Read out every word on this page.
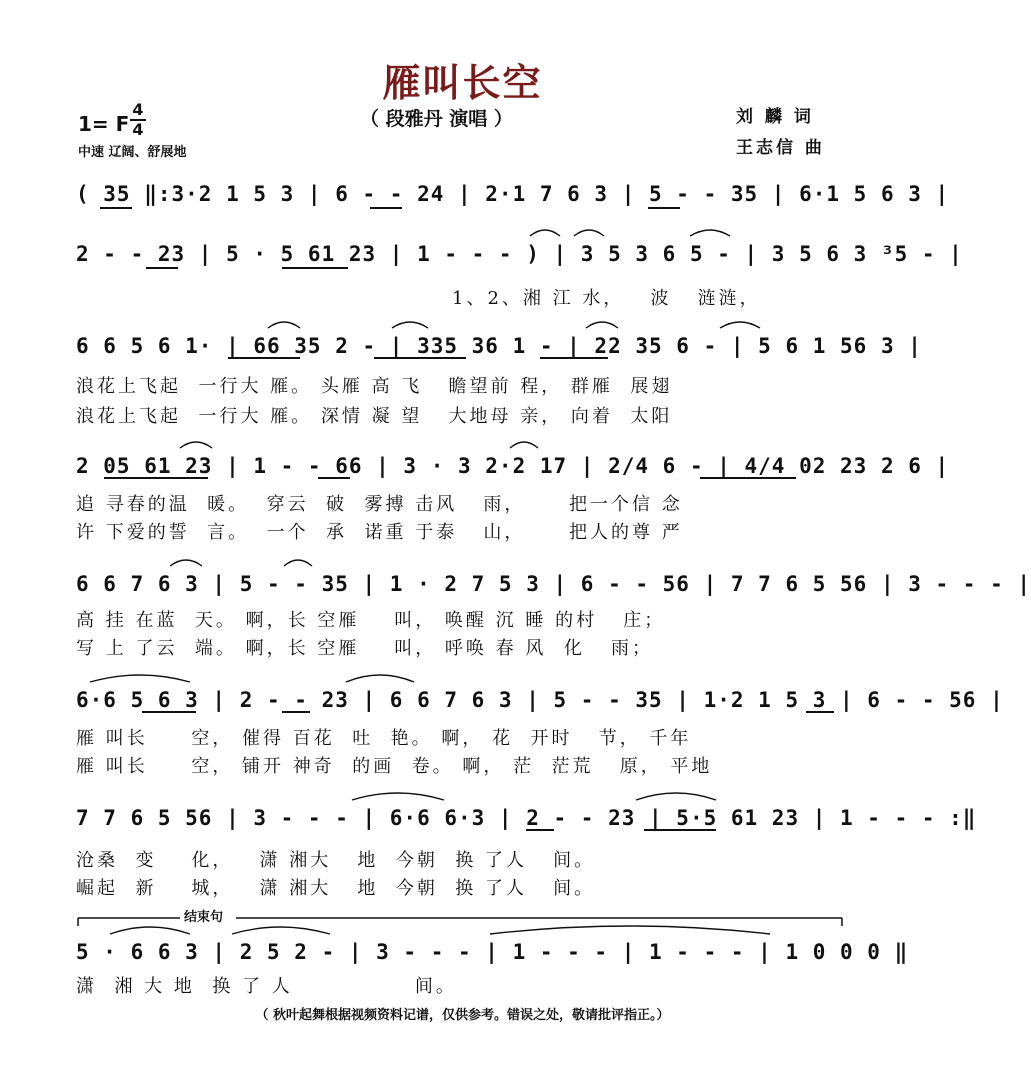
雁叫长空
（ 段雅丹 演唱 ）
1= F
4
4
中速 辽阔、舒展地
刘 麟 词
王志信 曲
( 35 ‖:3·2 1 5 3 | 6 - - 24 | 2·1 7 6 3 | 5 - - 35 | 6·1 5 6 3 |
2 - - 23 | 5 · 5 61 23 | 1 - - - ) | 3 5 3 6 5 - | 3 5 6 3 ³5 - |
1、2、湘 江 水，   波   涟涟，
6 6 5 6 1· | 66 35 2 - | 335 36 1 - | 22 35 6 - | 5 6 1 56 3 |
浪花上飞起  一行大 雁。 头雁 高 飞   瞻望前 程， 群雁  展翅
浪花上飞起  一行大 雁。 深情 凝 望   大地母 亲， 向着  太阳
2 05 61 23 | 1 - - 66 | 3 · 3 2·2 17 | 2/4 6 - | 4/4 02 23 2 6 |
追 寻春的温  暖。  穿云  破  雾搏 击风   雨，     把一个信 念
许 下爱的誓  言。  一个  承  诺重 于泰   山，     把人的尊 严
6 6 7 6 3 | 5 - - 35 | 1 · 2 7 5 3 | 6 - - 56 | 7 7 6 5 56 | 3 - - - |
高 挂 在蓝  天。 啊，长 空雁    叫， 唤醒 沉 睡 的村   庄；
写 上 了云  端。 啊，长 空雁    叫， 呼唤 春 风  化   雨；
6·6 5 6 3 | 2 - - 23 | 6 6 7 6 3 | 5 - - 35 | 1·2 1 5 3 | 6 - - 56 |
雁 叫长     空， 催得 百花  吐  艳。 啊， 花  开时   节， 千年
雁 叫长     空， 铺开 神奇  的画  卷。 啊， 茫  茫荒   原， 平地
7 7 6 5 56 | 3 - - - | 6·6 6·3 | 2 - - 23 | 5·5 61 23 | 1 - - - :‖
沧桑  变    化，   潇 湘大   地  今朝  换 了人   间。
崛起  新    城，   潇 湘大   地  今朝  换 了人   间。
结束句
5 · 6 6 3 | 2 5 2 - | 3 - - - | 1 - - - | 1 - - - | 1 0 0 0 ‖
潇  湘 大 地  换 了 人              间。
（ 秋叶起舞根据视频资料记谱，仅供参考。错误之处，敬请批评指正。）
